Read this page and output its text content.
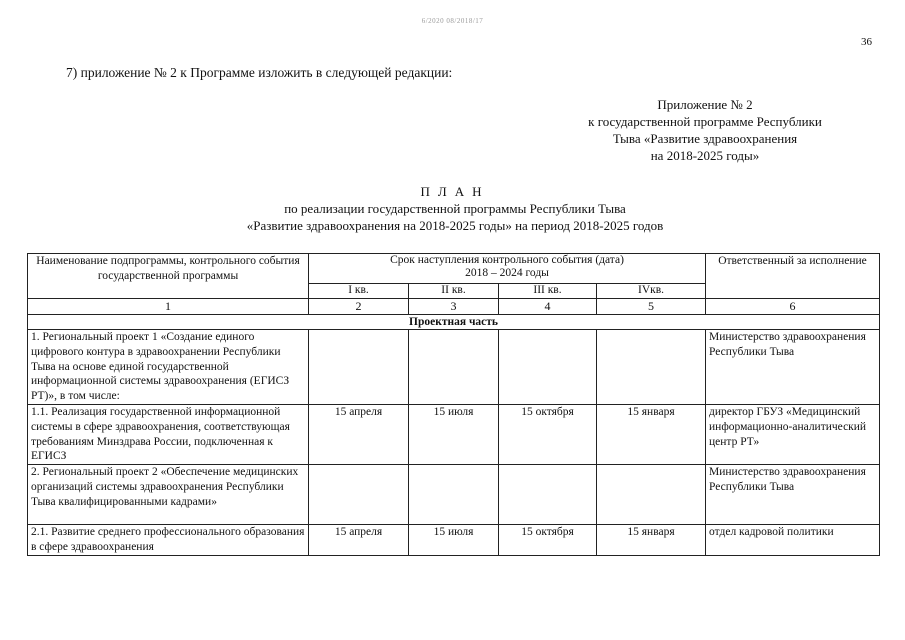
6/2020 08/2018/17
36
7) приложение № 2 к Программе изложить в следующей редакции:
Приложение № 2
к государственной программе Республики
Тыва «Развитие здравоохранения
на 2018-2025 годы»
ПЛАН
по реализации государственной программы Республики Тыва
«Развитие здравоохранения на 2018-2025 годы» на период 2018-2025 годов
Наименование подпрограммы, контрольного события государственной программы	Срок наступления контрольного события (дата)
2018 – 2024 годы				Ответственный за исполнение
	I кв.	II кв.	III кв.	IVкв.	
1	2	3	4	5	6
Проектная часть					
1. Региональный проект 1 «Создание единого цифрового контура в здравоохранении Республики Тыва на основе единой государственной информационной системы здравоохранения (ЕГИСЗ РТ)», в том числе:					Министерство здравоохранения Республики Тыва
1.1. Реализация государственной информационной системы в сфере здравоохранения, соответствующая требованиям Минздрава России, подключенная к ЕГИСЗ	15 апреля	15 июля	15 октября	15 января	директор ГБУЗ «Медицинский информационно-аналитический центр РТ»
2. Региональный проект 2 «Обеспечение медицинских организаций системы здравоохранения Республики Тыва квалифицированными кадрами»					Министерство здравоохранения Республики Тыва
2.1. Развитие среднего профессионального образования в сфере здравоохранения	15 апреля	15 июля	15 октября	15 января	отдел кадровой политики
